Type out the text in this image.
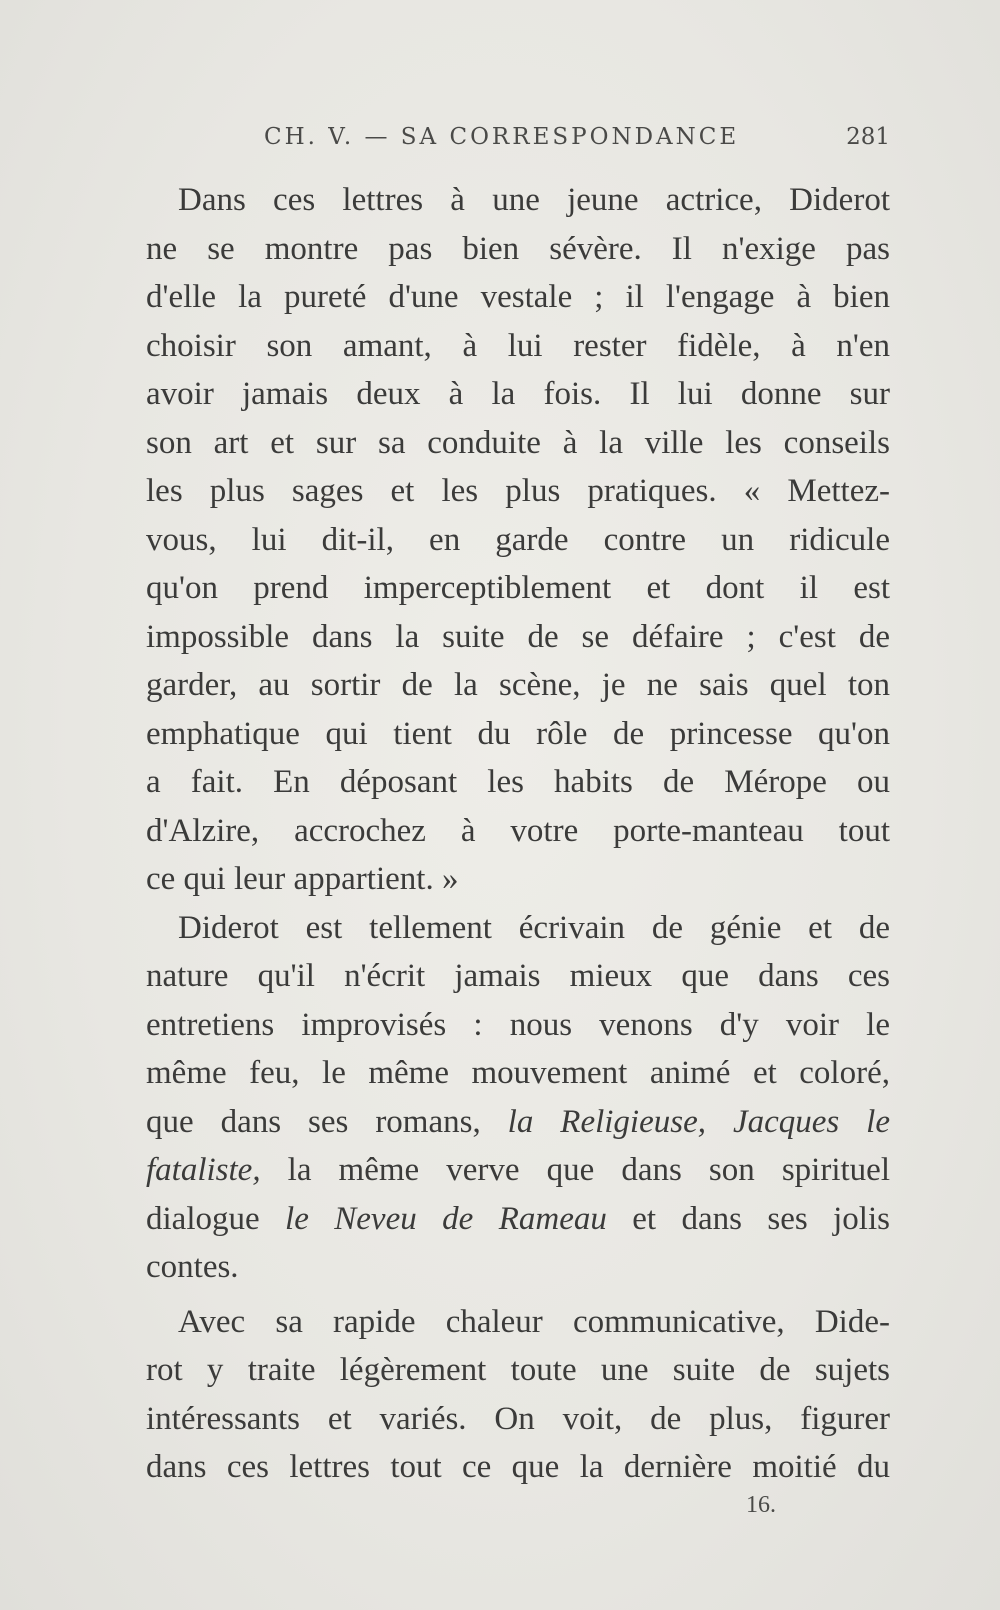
CH. V. — SA CORRESPONDANCE	281
Dans ces lettres à une jeune actrice, Diderot
ne se montre pas bien sévère. Il n'exige pas
d'elle la pureté d'une vestale ; il l'engage à bien
choisir son amant, à lui rester fidèle, à n'en
avoir jamais deux à la fois. Il lui donne sur
son art et sur sa conduite à la ville les conseils
les plus sages et les plus pratiques. « Mettez-
vous, lui dit-il, en garde contre un ridicule
qu'on prend imperceptiblement et dont il est
impossible dans la suite de se défaire ; c'est de
garder, au sortir de la scène, je ne sais quel ton
emphatique qui tient du rôle de princesse qu'on
a fait. En déposant les habits de Mérope ou
d'Alzire, accrochez à votre porte-manteau tout
ce qui leur appartient. »
Diderot est tellement écrivain de génie et de
nature qu'il n'écrit jamais mieux que dans ces
entretiens improvisés : nous venons d'y voir le
même feu, le même mouvement animé et coloré,
que dans ses romans, la Religieuse, Jacques le
fataliste, la même verve que dans son spirituel
dialogue le Neveu de Rameau et dans ses jolis
contes.
Avec sa rapide chaleur communicative, Dide-
rot y traite légèrement toute une suite de sujets
intéressants et variés. On voit, de plus, figurer
dans ces lettres tout ce que la dernière moitié du
16.
